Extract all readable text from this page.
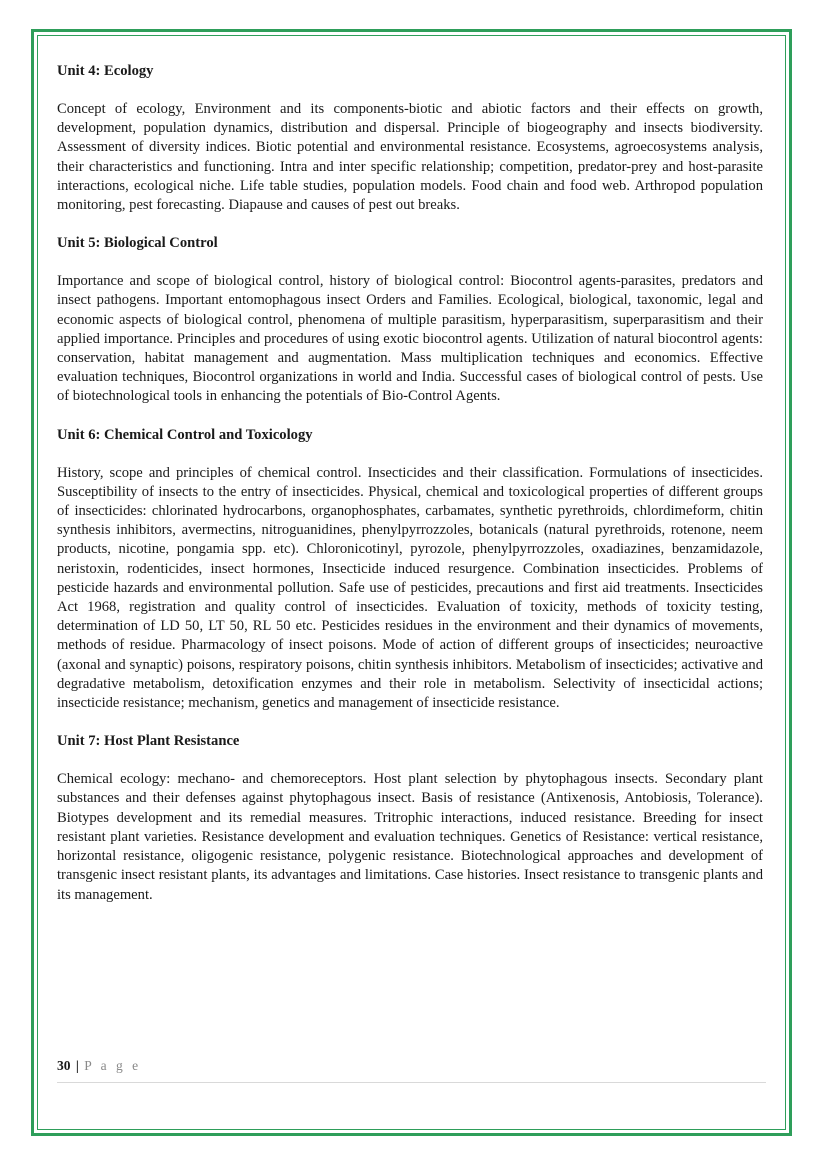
Unit 4: Ecology

Concept of ecology, Environment and its components-biotic and abiotic factors and their effects on growth, development, population dynamics, distribution and dispersal. Principle of biogeography and insects biodiversity. Assessment of diversity indices. Biotic potential and environmental resistance. Ecosystems, agroecosystems analysis, their characteristics and functioning. Intra and inter specific relationship; competition, predator-prey and host-parasite interactions, ecological niche. Life table studies, population models. Food chain and food web. Arthropod population monitoring, pest forecasting. Diapause and causes of pest out breaks.

Unit 5: Biological Control

Importance and scope of biological control, history of biological control: Biocontrol agents-parasites, predators and insect pathogens. Important entomophagous insect Orders and Families. Ecological, biological, taxonomic, legal and economic aspects of biological control, phenomena of multiple parasitism, hyperparasitism, superparasitism and their applied importance. Principles and procedures of using exotic biocontrol agents. Utilization of natural biocontrol agents: conservation, habitat management and augmentation. Mass multiplication techniques and economics. Effective evaluation techniques, Biocontrol organizations in world and India. Successful cases of biological control of pests. Use of biotechnological tools in enhancing the potentials of Bio-Control Agents.

Unit 6: Chemical Control and Toxicology

History, scope and principles of chemical control. Insecticides and their classification. Formulations of insecticides. Susceptibility of insects to the entry of insecticides. Physical, chemical and toxicological properties of different groups of insecticides: chlorinated hydrocarbons, organophosphates, carbamates, synthetic pyrethroids, chlordimeform, chitin synthesis inhibitors, avermectins, nitroguanidines, phenylpyrrozzoles, botanicals (natural pyrethroids, rotenone, neem products, nicotine, pongamia spp. etc). Chloronicotinyl, pyrozole, phenylpyrrozzoles, oxadiazines, benzamidazole, neristoxin, rodenticides, insect hormones, Insecticide induced resurgence. Combination insecticides. Problems of pesticide hazards and environmental pollution. Safe use of pesticides, precautions and first aid treatments. Insecticides Act 1968, registration and quality control of insecticides. Evaluation of toxicity, methods of toxicity testing, determination of LD 50, LT 50, RL 50 etc. Pesticides residues in the environment and their dynamics of movements, methods of residue. Pharmacology of insect poisons. Mode of action of different groups of insecticides; neuroactive (axonal and synaptic) poisons, respiratory poisons, chitin synthesis inhibitors. Metabolism of insecticides; activative and degradative metabolism, detoxification enzymes and their role in metabolism. Selectivity of insecticidal actions; insecticide resistance; mechanism, genetics and management of insecticide resistance.

Unit 7: Host Plant Resistance

Chemical ecology: mechano- and chemoreceptors. Host plant selection by phytophagous insects. Secondary plant substances and their defenses against phytophagous insect. Basis of resistance (Antixenosis, Antobiosis, Tolerance). Biotypes development and its remedial measures. Tritrophic interactions, induced resistance. Breeding for insect resistant plant varieties. Resistance development and evaluation techniques. Genetics of Resistance: vertical resistance, horizontal resistance, oligogenic resistance, polygenic resistance. Biotechnological approaches and development of transgenic insect resistant plants, its advantages and limitations. Case histories. Insect resistance to transgenic plants and its management.

30 | P a g e
